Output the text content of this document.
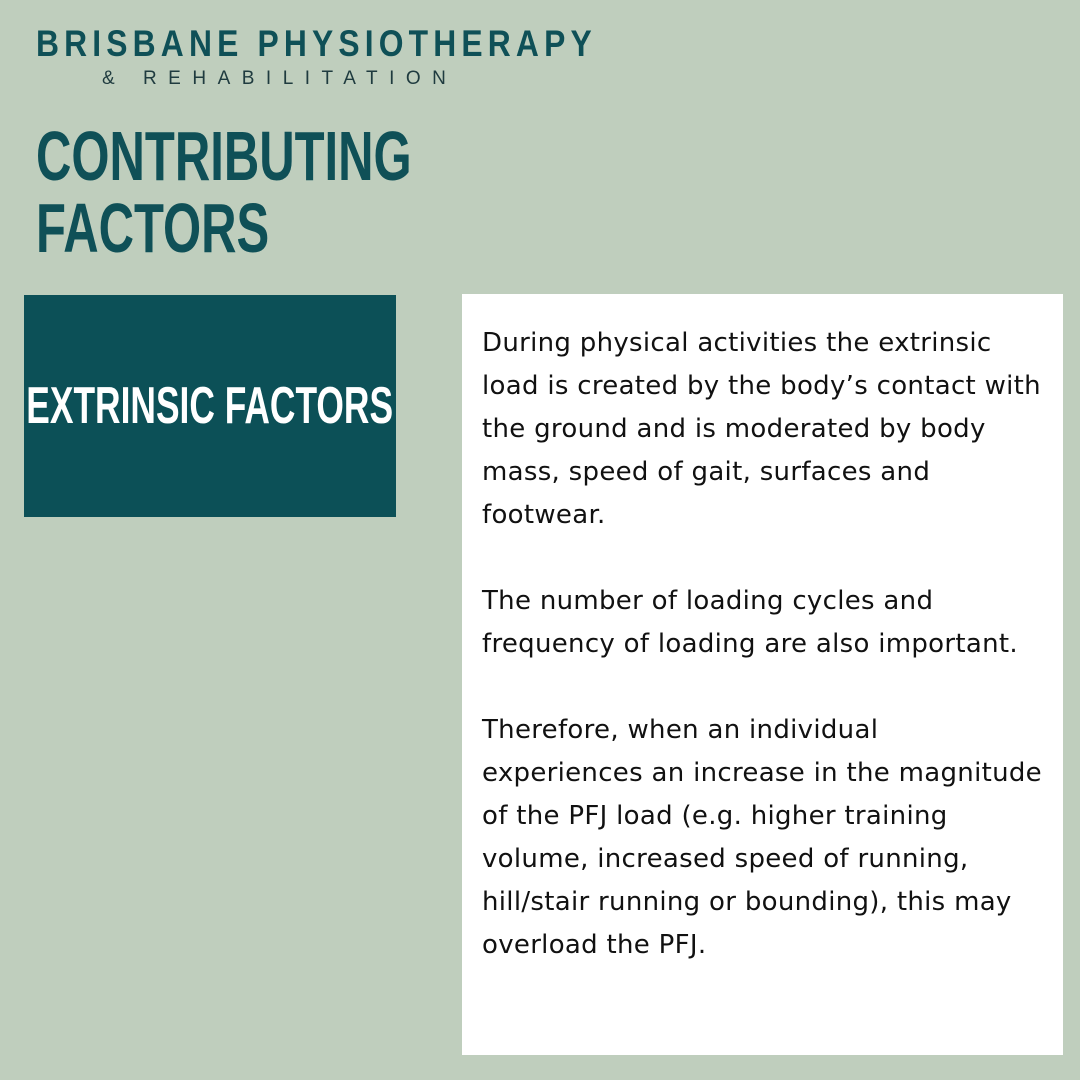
BRISBANE PHYSIOTHERAPY
& REHABILITATION
CONTRIBUTING
FACTORS
EXTRINSIC FACTORS

During physical activities the extrinsic load is created by the body’s contact with the ground and is moderated by body mass, speed of gait, surfaces and footwear.

The number of loading cycles and frequency of loading are also important.

Therefore, when an individual experiences an increase in the magnitude of the PFJ load (e.g. higher training volume, increased speed of running, hill/stair running or bounding), this may overload the PFJ.
